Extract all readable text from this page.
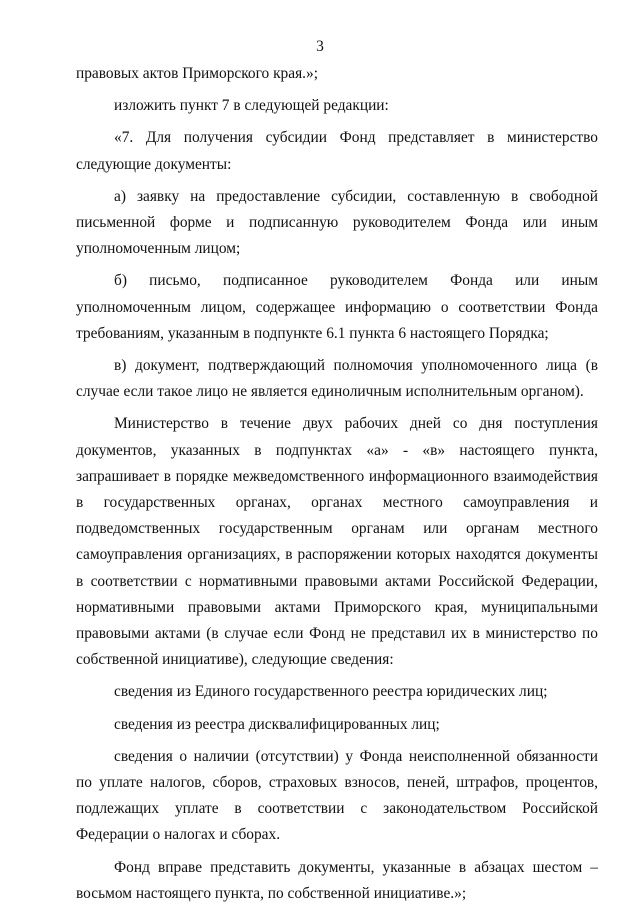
3

правовых актов Приморского края.»;

изложить пункт 7 в следующей редакции:

«7. Для получения субсидии Фонд представляет в министерство следующие документы:

а) заявку на предоставление субсидии, составленную в свободной письменной форме и подписанную руководителем Фонда или иным уполномоченным лицом;

б) письмо, подписанное руководителем Фонда или иным уполномоченным лицом, содержащее информацию о соответствии Фонда требованиям, указанным в подпункте 6.1 пункта 6 настоящего Порядка;

в) документ, подтверждающий полномочия уполномоченного лица (в случае если такое лицо не является единоличным исполнительным органом).

Министерство в течение двух рабочих дней со дня поступления документов, указанных в подпунктах «а» - «в» настоящего пункта, запрашивает в порядке межведомственного информационного взаимодействия в государственных органах, органах местного самоуправления и подведомственных государственным органам или органам местного самоуправления организациях, в распоряжении которых находятся документы в соответствии с нормативными правовыми актами Российской Федерации, нормативными правовыми актами Приморского края, муниципальными правовыми актами (в случае если Фонд не представил их в министерство по собственной инициативе), следующие сведения:

сведения из Единого государственного реестра юридических лиц;

сведения из реестра дисквалифицированных лиц;

сведения о наличии (отсутствии) у Фонда неисполненной обязанности по уплате налогов, сборов, страховых взносов, пеней, штрафов, процентов, подлежащих уплате в соответствии с законодательством Российской Федерации о налогах и сборах.

Фонд вправе представить документы, указанные в абзацах шестом – восьмом настоящего пункта, по собственной инициативе.»;
